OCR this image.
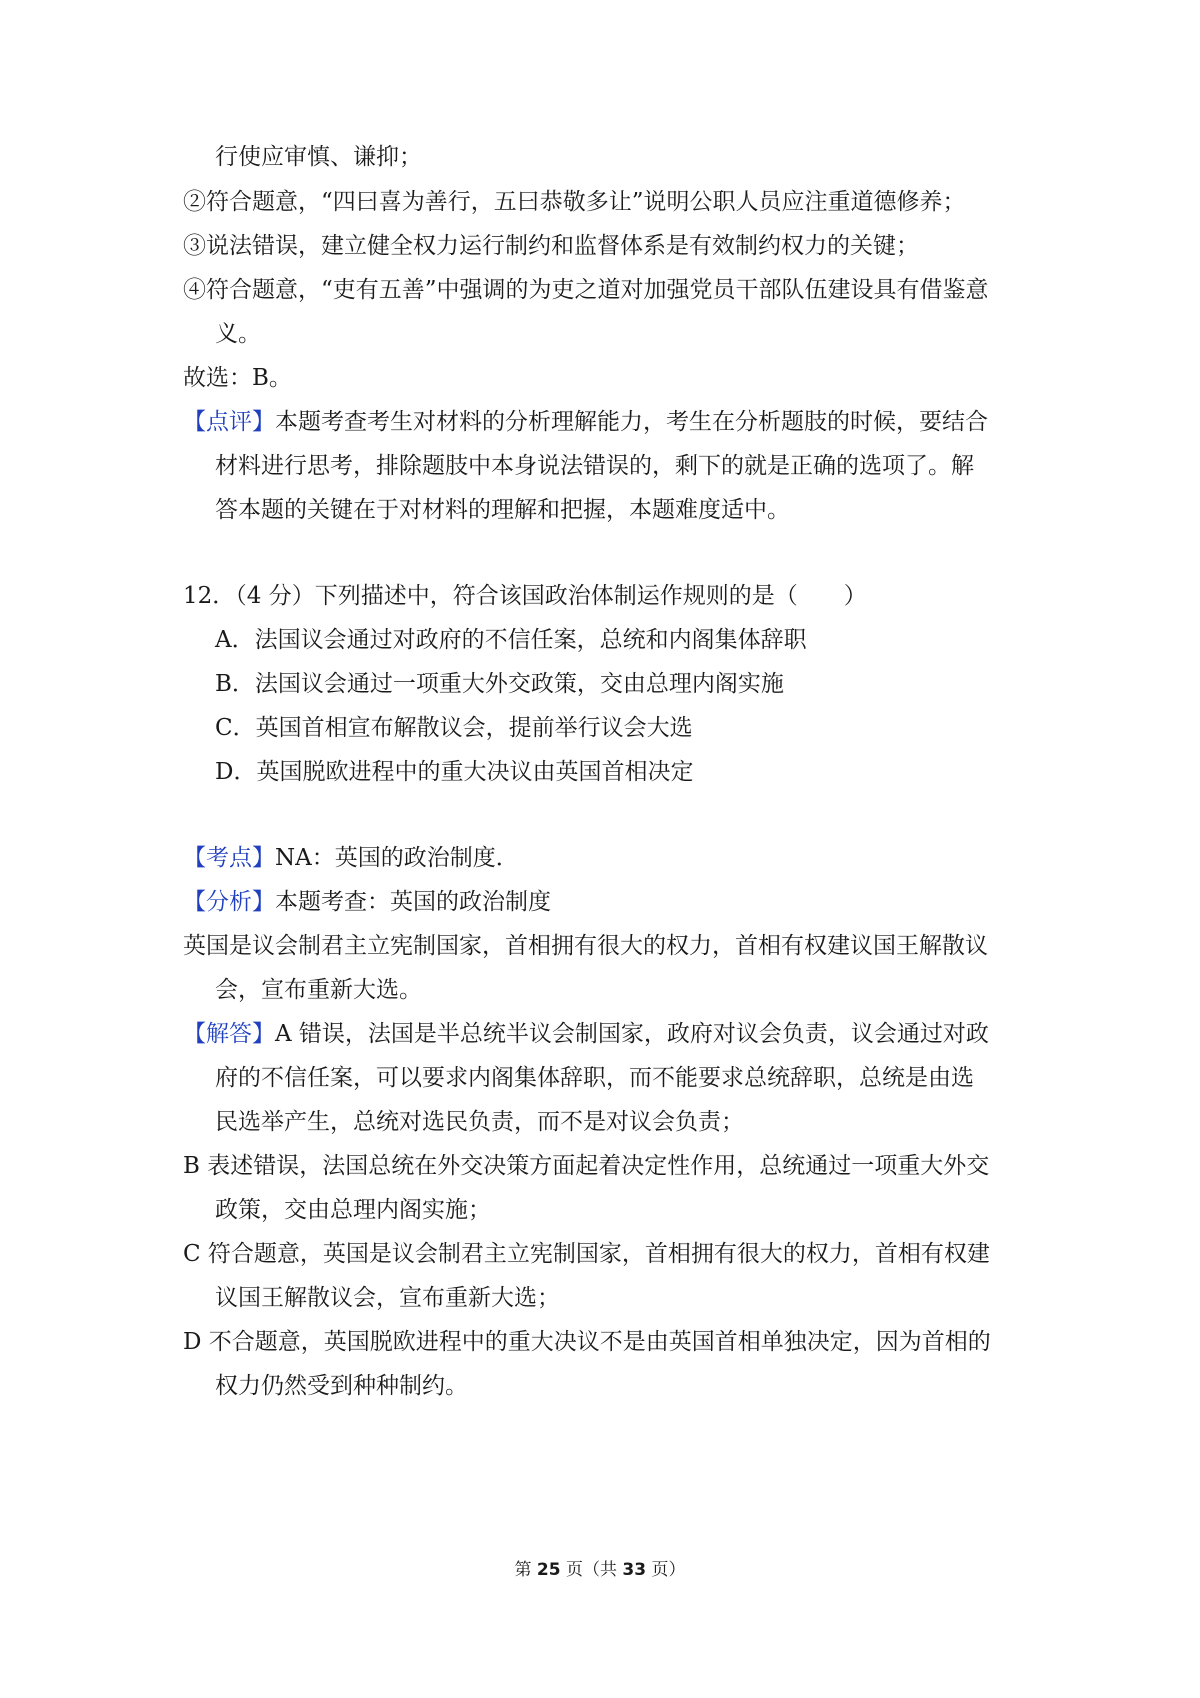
行使应审慎、谦抑；
②符合题意，“四曰喜为善行，五曰恭敬多让”说明公职人员应注重道德修养；
③说法错误，建立健全权力运行制约和监督体系是有效制约权力的关键；
④符合题意，“吏有五善”中强调的为吏之道对加强党员干部队伍建设具有借鉴意
义。
故选：B。
【点评】本题考查考生对材料的分析理解能力，考生在分析题肢的时候，要结合
材料进行思考，排除题肢中本身说法错误的，剩下的就是正确的选项了。解
答本题的关键在于对材料的理解和把握，本题难度适中。
12．（4 分）下列描述中，符合该国政治体制运作规则的是（　　）
A．法国议会通过对政府的不信任案，总统和内阁集体辞职
B．法国议会通过一项重大外交政策，交由总理内阁实施
C．英国首相宣布解散议会，提前举行议会大选
D．英国脱欧进程中的重大决议由英国首相决定
【考点】NA：英国的政治制度．
【分析】本题考查：英国的政治制度
英国是议会制君主立宪制国家，首相拥有很大的权力，首相有权建议国王解散议
会，宣布重新大选。
【解答】A 错误，法国是半总统半议会制国家，政府对议会负责，议会通过对政
府的不信任案，可以要求内阁集体辞职，而不能要求总统辞职，总统是由选
民选举产生，总统对选民负责，而不是对议会负责；
B 表述错误，法国总统在外交决策方面起着决定性作用，总统通过一项重大外交
政策，交由总理内阁实施；
C 符合题意，英国是议会制君主立宪制国家，首相拥有很大的权力，首相有权建
议国王解散议会，宣布重新大选；
D 不合题意，英国脱欧进程中的重大决议不是由英国首相单独决定，因为首相的
权力仍然受到种种制约。
第 25 页（共 33 页）
